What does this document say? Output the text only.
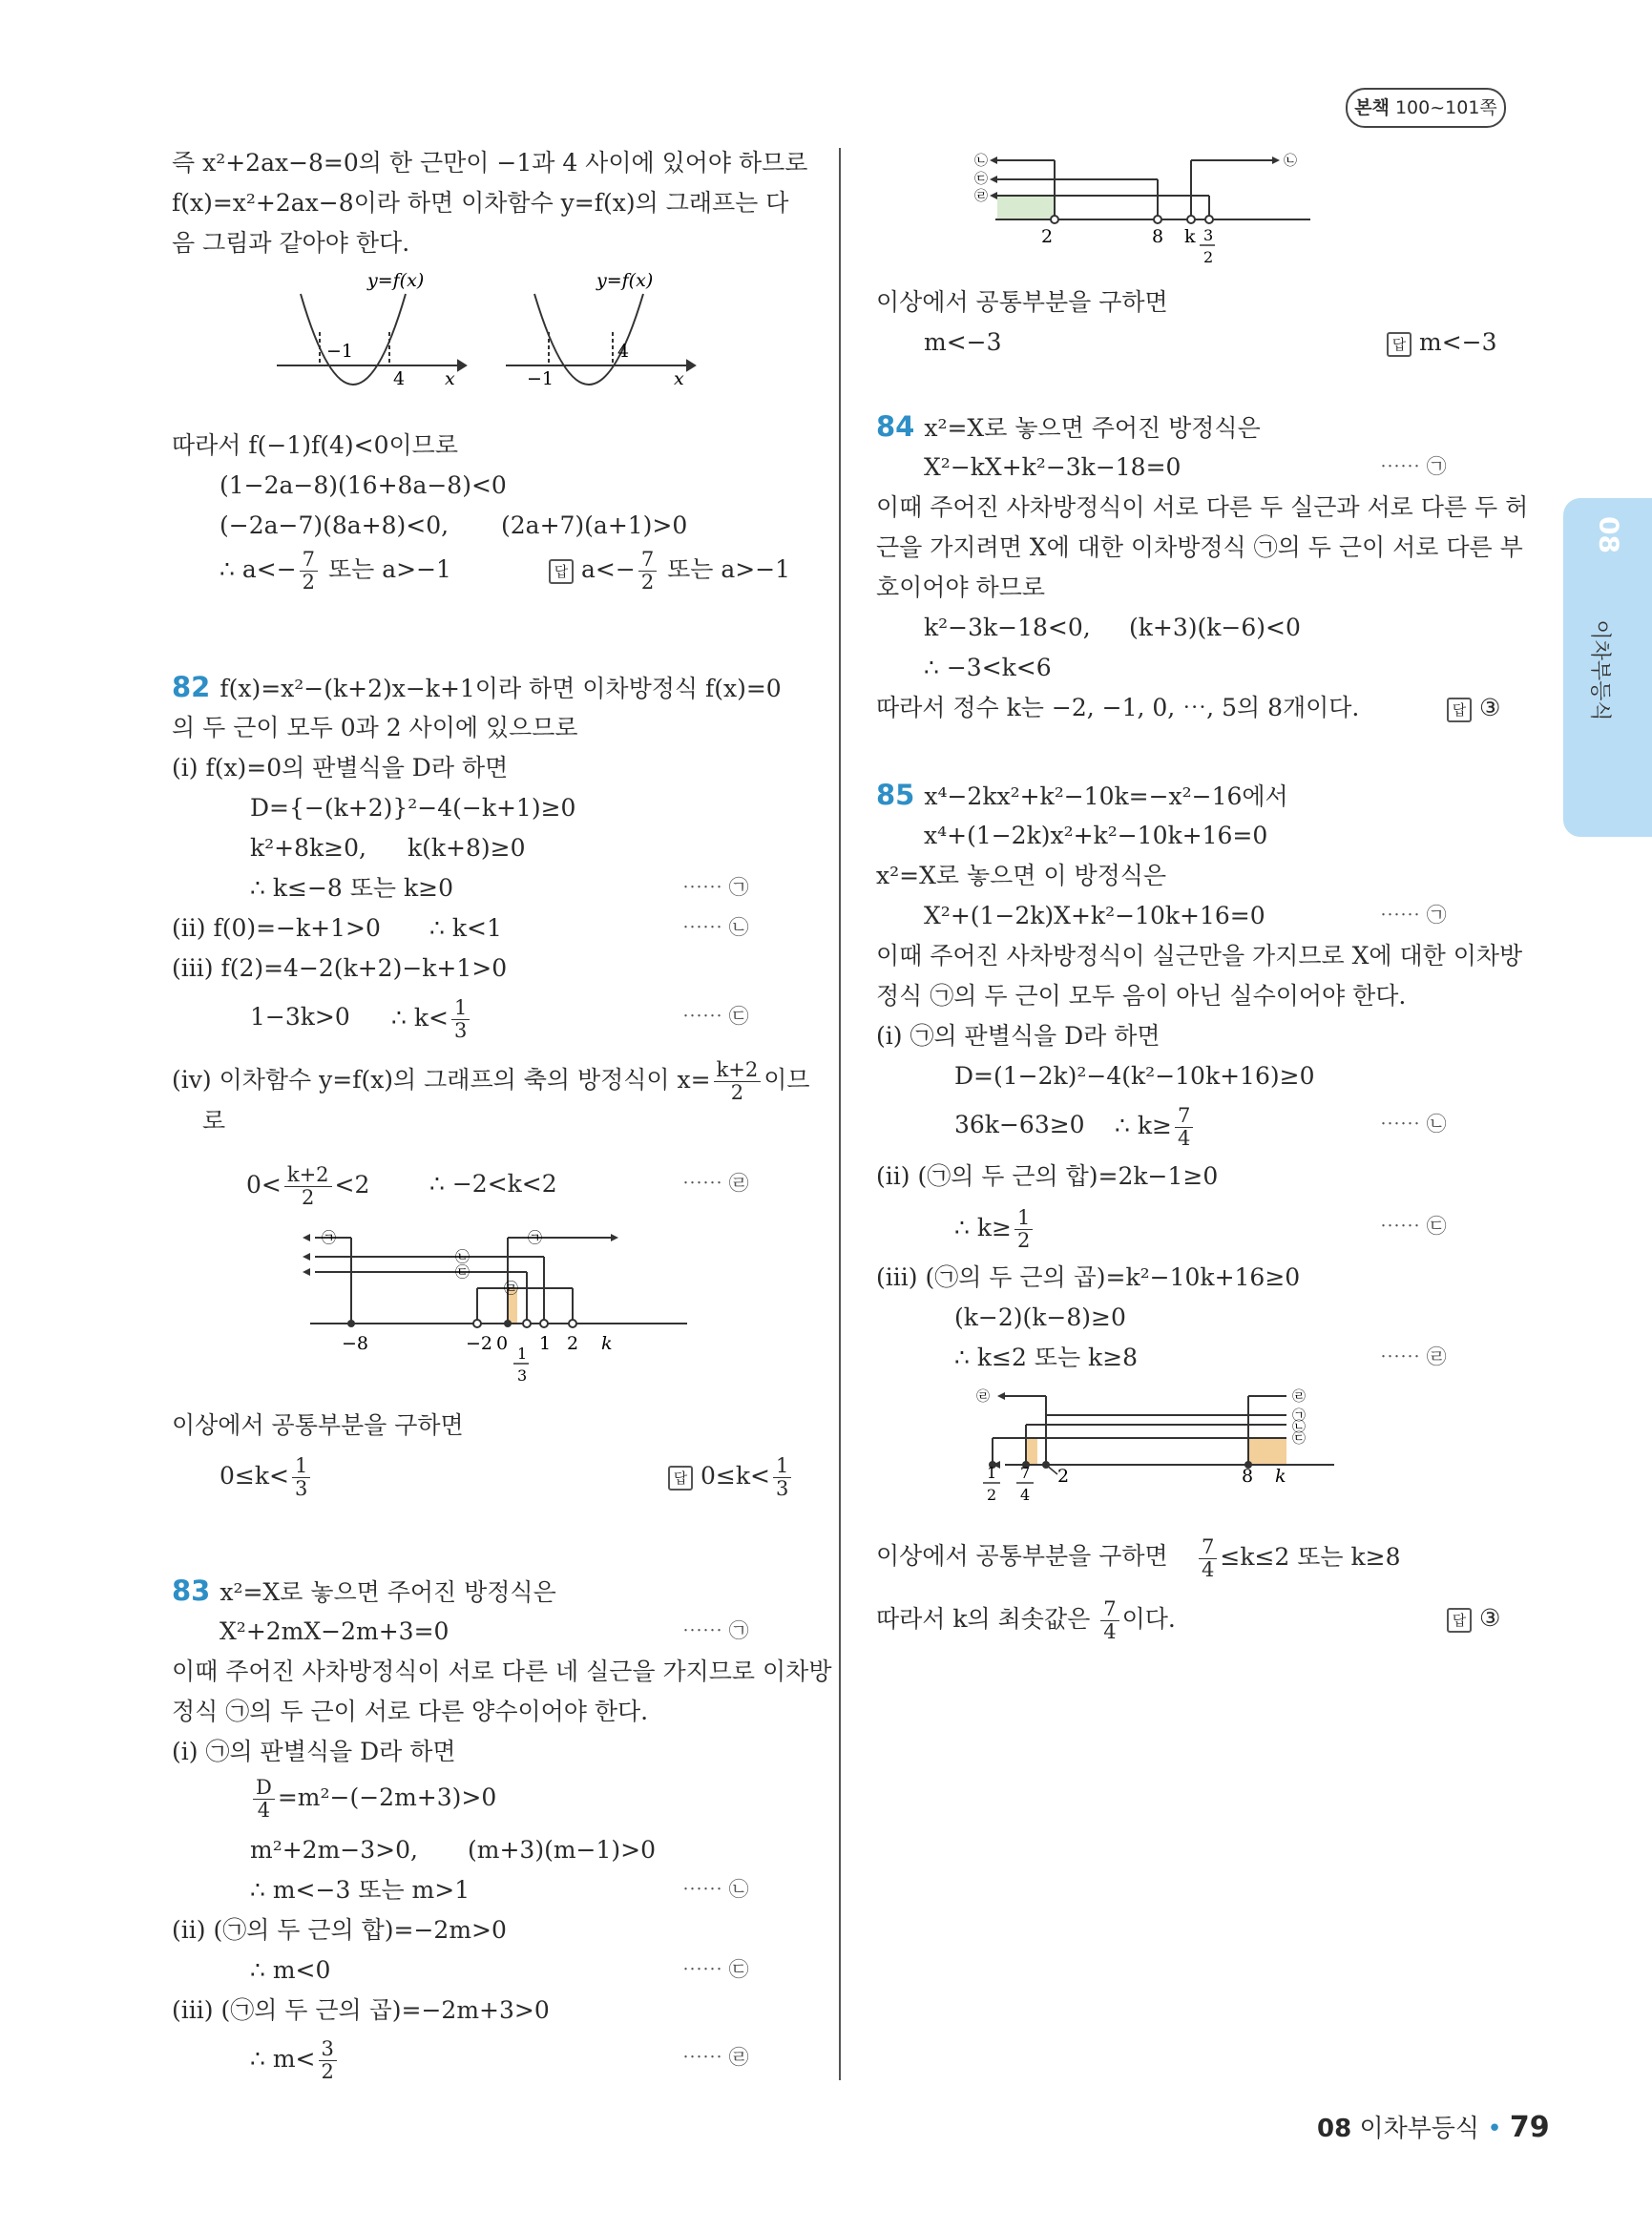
본책 100~101쪽
08
이차부등식
즉 x²+2ax−8=0의 한 근만이 −1과 4 사이에 있어야 하므로
f(x)=x²+2ax−8이라 하면 이차함수 y=f(x)의 그래프는 다
음 그림과 같아야 한다.
y=f(x)
−1
4 x
y=f(x)
−1
4
x
따라서 f(−1)f(4)<0이므로
(1−2a−8)(16+8a−8)<0
(−2a−7)(8a+8)<0, (2a+7)(a+1)>0
∴ $a<- \frac{7}{2}$ 또는 a>−1	답 $a<- \frac{7}{2}$ 또는 a>−1
82 f(x)=x²−(k+2)x−k+1이라 하면 이차방정식 f(x)=0
의 두 근이 모두 0과 2 사이에 있으므로
(i) f(x)=0의 판별식을 D라 하면
D={−(k+2)}²−4(−k+1)≥0
k²+8k≥0, k(k+8)≥0
∴ k≤−8 또는 k≥0	⋯⋯ ㉠
(ii) f(0)=−k+1>0 ∴ k<1	⋯⋯ ㉡
(iii) f(2)=4−2(k+2)−k+1>0
1−3k>0 ∴ $k< \frac{1}{3}$	⋯⋯ ㉢
(iv) 이차함수 y=f(x)의 그래프의 축의 방정식이 $x= \frac{k+2}{2}$ 이므
로
$0< \frac{k+2}{2} <2$	∴ −2<k<2	⋯⋯ ㉣
㉠
㉠
㉡
㉢
㉣
−8	−2 0 1 2 k
1
3
이상에서 공통부분을 구하면
$0\le k< \frac{1}{3}$	답 $0\le k< \frac{1}{3}$
83 x²=X로 놓으면 주어진 방정식은
X²+2mX−2m+3=0	⋯⋯ ㉠
이때 주어진 사차방정식이 서로 다른 네 실근을 가지므로 이차방
정식 ㉠의 두 근이 서로 다른 양수이어야 한다.
(i) ㉠의 판별식을 D라 하면
$\frac{D}{4} =m^2-(-2m+3)>0$
m²+2m−3>0, (m+3)(m−1)>0
∴ m<−3 또는 m>1	⋯⋯ ㉡
(ii) (㉠의 두 근의 합)=−2m>0
∴ m<0	⋯⋯ ㉢
(iii) (㉠의 두 근의 곱)=−2m+3>0
∴ $m< \frac{3}{2}$	⋯⋯ ㉣
㉡
㉢
㉣
㉡
2	8 k 3
2
이상에서 공통부분을 구하면
m<−3	답 m<−3
84 x²=X로 놓으면 주어진 방정식은
X²−kX+k²−3k−18=0	⋯⋯ ㉠
이때 주어진 사차방정식이 서로 다른 두 실근과 서로 다른 두 허
근을 가지려면 X에 대한 이차방정식 ㉠의 두 근이 서로 다른 부
호이어야 하므로
k²−3k−18<0, (k+3)(k−6)<0
∴ −3<k<6
따라서 정수 k는 −2, −1, 0, ⋯, 5의 8개이다.	답 ③
85 x⁴−2kx²+k²−10k=−x²−16에서
x⁴+(1−2k)x²+k²−10k+16=0
x²=X로 놓으면 이 방정식은
X²+(1−2k)X+k²−10k+16=0	⋯⋯ ㉠
이때 주어진 사차방정식이 실근만을 가지므로 X에 대한 이차방
정식 ㉠의 두 근이 모두 음이 아닌 실수이어야 한다.
(i) ㉠의 판별식을 D라 하면
D=(1−2k)²−4(k²−10k+16)≥0
36k−63≥0 ∴ $k\ge \frac{7}{4}$	⋯⋯ ㉡
(ii) (㉠의 두 근의 합)=2k−1≥0
∴ $k\ge \frac{1}{2}$	⋯⋯ ㉢
(iii) (㉠의 두 근의 곱)=k²−10k+16≥0
(k−2)(k−8)≥0
∴ k≤2 또는 k≥8	⋯⋯ ㉣
㉣	㉣
㉠
㉡
㉢
1
2
7
4
2	8 k
이상에서 공통부분을 구하면 $\frac{7}{4} \le k\le 2$ 또는 k≥8
따라서 k의 최솟값은 $\frac{7}{4}$ 이다.	답 ③
08 이차부등식 • 79
